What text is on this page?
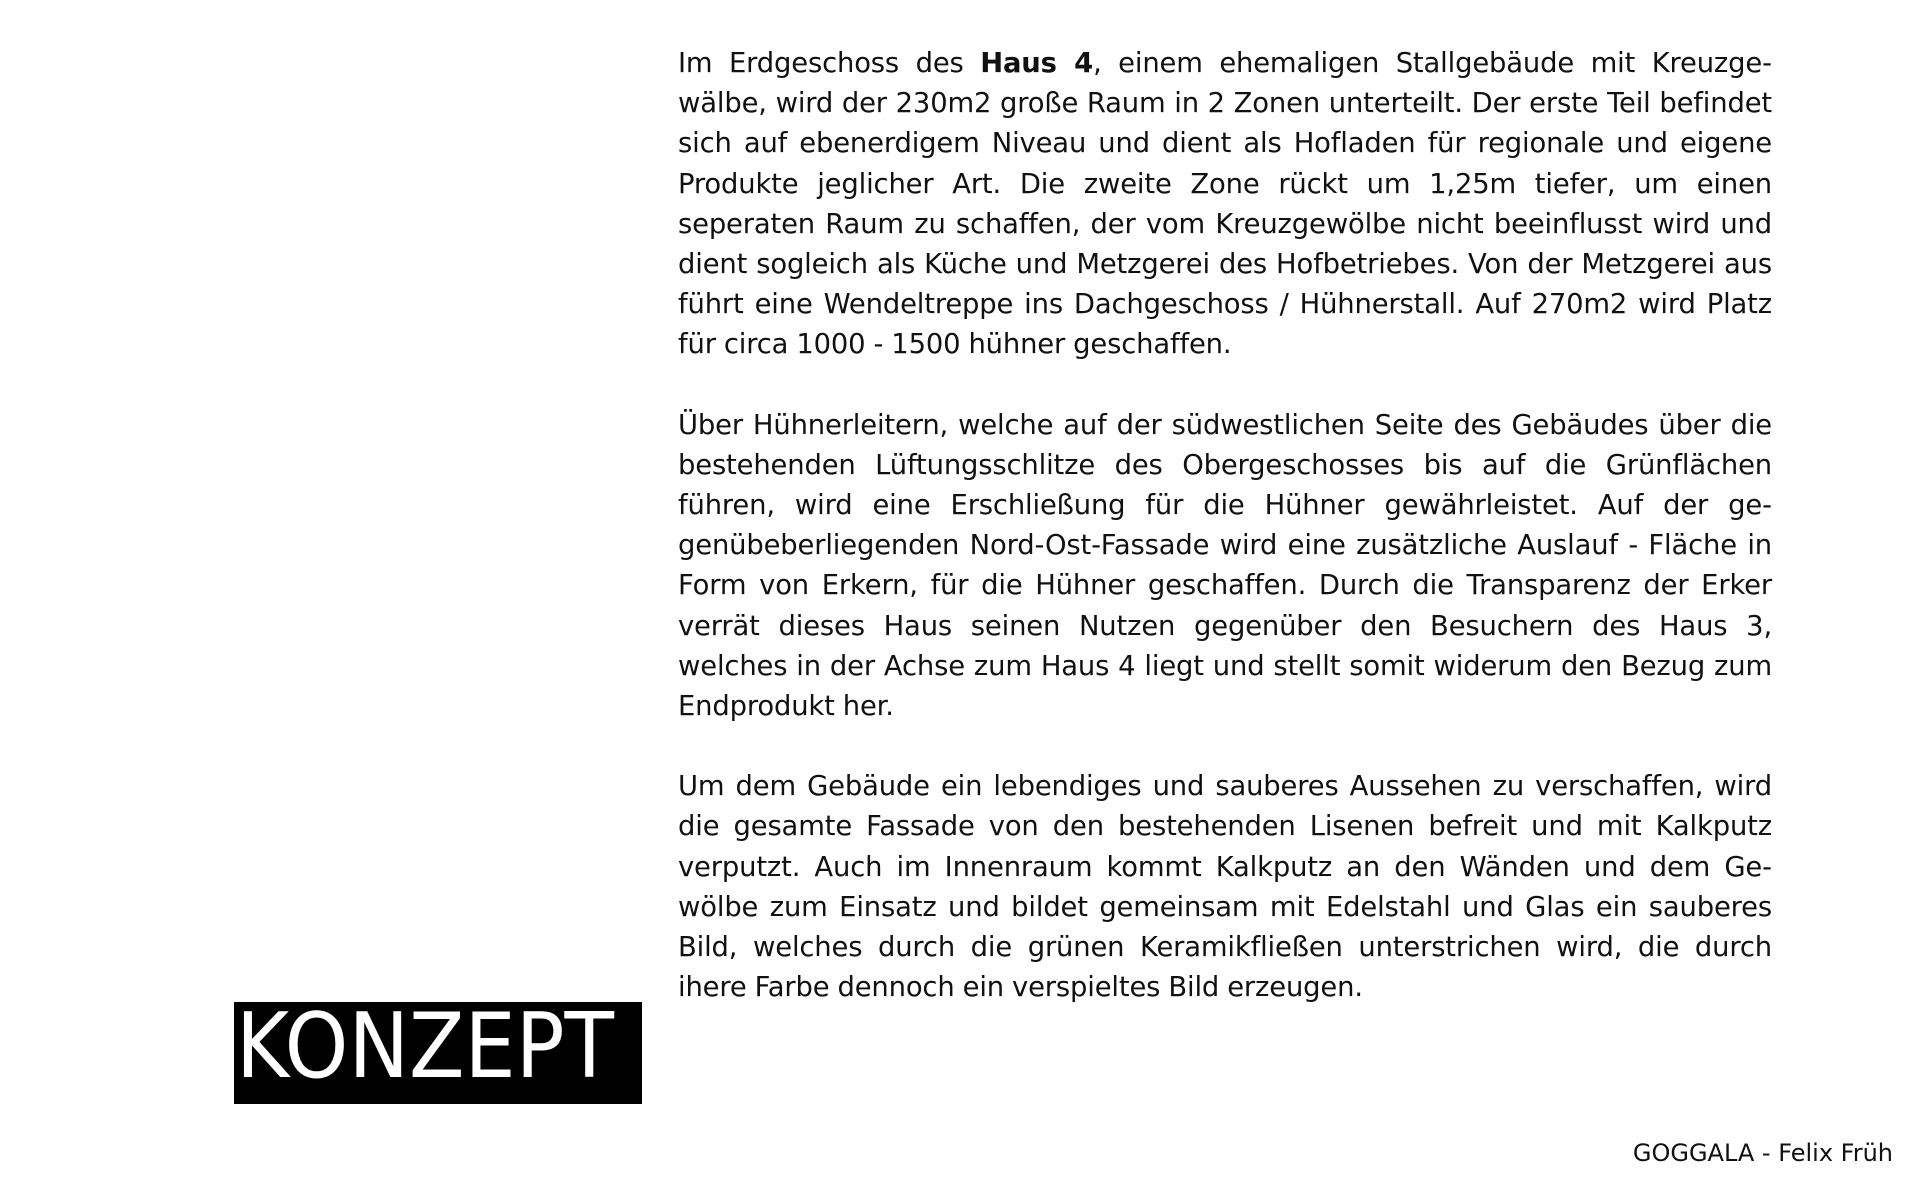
Im Erdgeschoss des Haus 4, einem ehemaligen Stallgebäude mit Kreuzgewälbe, wird der 230m2 große Raum in 2 Zonen unterteilt. Der erste Teil befindet sich auf ebenerdigem Niveau und dient als Hofladen für regionale und eigene Produkte jeglicher Art. Die zweite Zone rückt um 1,25m tiefer, um einen seperaten Raum zu schaffen, der vom Kreuzgewölbe nicht beeinflusst wird und dient sogleich als Küche und Metzgerei des Hofbetriebes. Von der Metzgerei aus führt eine Wendeltreppe ins Dachgeschoss / Hühnerstall. Auf 270m2 wird Platz für circa 1000 - 1500 hühner geschaffen.

Über Hühnerleitern, welche auf der südwestlichen Seite des Gebäudes über die bestehenden Lüftungsschlitze des Obergeschosses bis auf die Grünflächen führen, wird eine Erschließung für die Hühner gewährleistet. Auf der gegenübeberliegenden Nord-Ost-Fassade wird eine zusätzliche Auslauf - Fläche in Form von Erkern, für die Hühner geschaffen. Durch die Transparenz der Erker verrät dieses Haus seinen Nutzen gegenüber den Besuchern des Haus 3, welches in der Achse zum Haus 4 liegt und stellt somit widerum den Bezug zum Endprodukt her.

Um dem Gebäude ein lebendiges und sauberes Aussehen zu verschaffen, wird die gesamte Fassade von den bestehenden Lisenen befreit und mit Kalkputz verputzt. Auch im Innenraum kommt Kalkputz an den Wänden und dem Gewölbe zum Einsatz und bildet gemeinsam mit Edelstahl und Glas ein sauberes Bild, welches durch die grünen Keramikfließen unterstrichen wird, die durch ihere Farbe dennoch ein verspieltes Bild erzeugen.

KONZEPT
GOGGALA - Felix Früh
